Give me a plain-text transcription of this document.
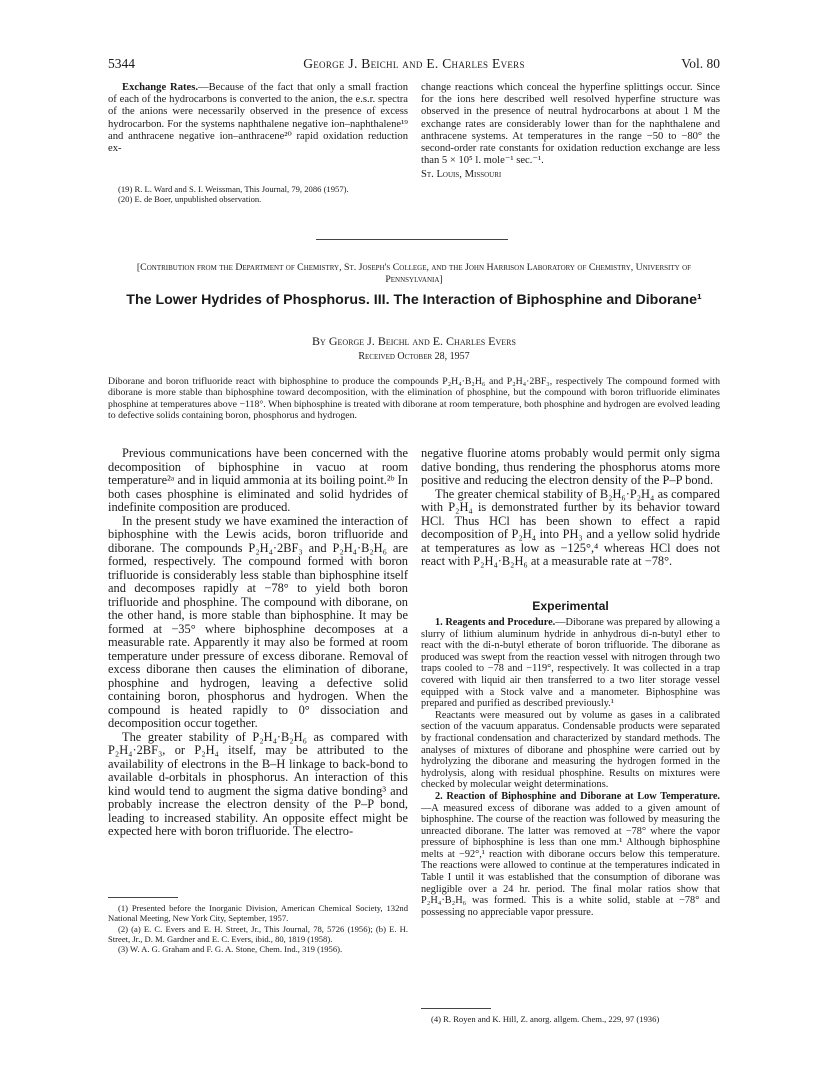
5344	George J. Beichl and E. Charles Evers	Vol. 80

Exchange Rates.—Because of the fact that only a small fraction of each of the hydrocarbons is converted to the anion, the e.s.r. spectra of the anions were necessarily observed in the presence of excess hydrocarbon. For the systems naphthalene negative ion–naphthalene¹⁹ and anthracene negative ion–anthracene²⁰ rapid oxidation reduction ex-

(19) R. L. Ward and S. I. Weissman, This Journal, 79, 2086 (1957).

(20) E. de Boer, unpublished observation.

change reactions which conceal the hyperfine splittings occur. Since for the ions here described well resolved hyperfine structure was observed in the presence of neutral hydrocarbons at about 1 M the exchange rates are considerably lower than for the naphthalene and anthracene systems. At temperatures in the range −50 to −80° the second-order rate constants for oxidation reduction exchange are less than 5 × 10⁵ l. mole⁻¹ sec.⁻¹.

St. Louis, Missouri

[Contribution from the Department of Chemistry, St. Joseph's College, and the John Harrison Laboratory of Chemistry, University of Pennsylvania]
The Lower Hydrides of Phosphorus. III. The Interaction of Biphosphine and Diborane¹
By George J. Beichl and E. Charles Evers
Received October 28, 1957
Diborane and boron trifluoride react with biphosphine to produce the compounds P₂H₄·B₂H₆ and P₂H₄·2BF₃, respectively The compound formed with diborane is more stable than biphosphine toward decomposition, with the elimination of phosphine, but the compound with boron trifluoride eliminates phosphine at temperatures above −118°. When biphosphine is treated with diborane at room temperature, both phosphine and hydrogen are evolved leading to defective solids containing boron, phosphorus and hydrogen.

Previous communications have been concerned with the decomposition of biphosphine in vacuo at room temperature²ᵃ and in liquid ammonia at its boiling point.²ᵇ In both cases phosphine is eliminated and solid hydrides of indefinite composition are produced.

In the present study we have examined the interaction of biphosphine with the Lewis acids, boron trifluoride and diborane. The compounds P₂H₄·2BF₃ and P₂H₄·B₂H₆ are formed, respectively. The compound formed with boron trifluoride is considerably less stable than biphosphine itself and decomposes rapidly at −78° to yield both boron trifluoride and phosphine. The compound with diborane, on the other hand, is more stable than biphosphine. It may be formed at −35° where biphosphine decomposes at a measurable rate. Apparently it may also be formed at room temperature under pressure of excess diborane. Removal of excess diborane then causes the elimination of diborane, phosphine and hydrogen, leaving a defective solid containing boron, phosphorus and hydrogen. When the compound is heated rapidly to 0° dissociation and decomposition occur together.

The greater stability of P₂H₄·B₂H₆ as compared with P₂H₄·2BF₃, or P₂H₄ itself, may be attributed to the availability of electrons in the B–H linkage to back-bond to available d-orbitals in phosphorus. An interaction of this kind would tend to augment the sigma dative bonding³ and probably increase the electron density of the P–P bond, leading to increased stability. An opposite effect might be expected here with boron trifluoride. The electro-

(1) Presented before the Inorganic Division, American Chemical Society, 132nd National Meeting, New York City, September, 1957.

(2) (a) E. C. Evers and E. H. Street, Jr., This Journal, 78, 5726 (1956); (b) E. H. Street, Jr., D. M. Gardner and E. C. Evers, ibid., 80, 1819 (1958).

(3) W. A. G. Graham and F. G. A. Stone, Chem. Ind., 319 (1956).

negative fluorine atoms probably would permit only sigma dative bonding, thus rendering the phosphorus atoms more positive and reducing the electron density of the P–P bond.

The greater chemical stability of B₂H₆·P₂H₄ as compared with P₂H₄ is demonstrated further by its behavior toward HCl. Thus HCl has been shown to effect a rapid decomposition of P₂H₄ into PH₃ and a yellow solid hydride at temperatures as low as −125°,⁴ whereas HCl does not react with P₂H₄·B₂H₆ at a measurable rate at −78°.

Experimental

1. Reagents and Procedure.—Diborane was prepared by allowing a slurry of lithium aluminum hydride in anhydrous di-n-butyl ether to react with the di-n-butyl etherate of boron trifluoride. The diborane as produced was swept from the reaction vessel with nitrogen through two traps cooled to −78 and −119°, respectively. It was collected in a trap covered with liquid air then transferred to a two liter storage vessel equipped with a Stock valve and a manometer. Biphosphine was prepared and purified as described previously.¹

Reactants were measured out by volume as gases in a calibrated section of the vacuum apparatus. Condensable products were separated by fractional condensation and characterized by standard methods. The analyses of mixtures of diborane and phosphine were carried out by hydrolyzing the diborane and measuring the hydrogen formed in the hydrolysis, along with residual phosphine. Results on mixtures were checked by molecular weight determinations.

2. Reaction of Biphosphine and Diborane at Low Temperature.—A measured excess of diborane was added to a given amount of biphosphine. The course of the reaction was followed by measuring the unreacted diborane. The latter was removed at −78° where the vapor pressure of biphosphine is less than one mm.¹ Although biphosphine melts at −92°,¹ reaction with diborane occurs below this temperature. The reactions were allowed to continue at the temperatures indicated in Table I until it was established that the consumption of diborane was negligible over a 24 hr. period. The final molar ratios show that P₂H₄·B₂H₆ was formed. This is a white solid, stable at −78° and possessing no appreciable vapor pressure.

(4) R. Royen and K. Hill, Z. anorg. allgem. Chem., 229, 97 (1936)
